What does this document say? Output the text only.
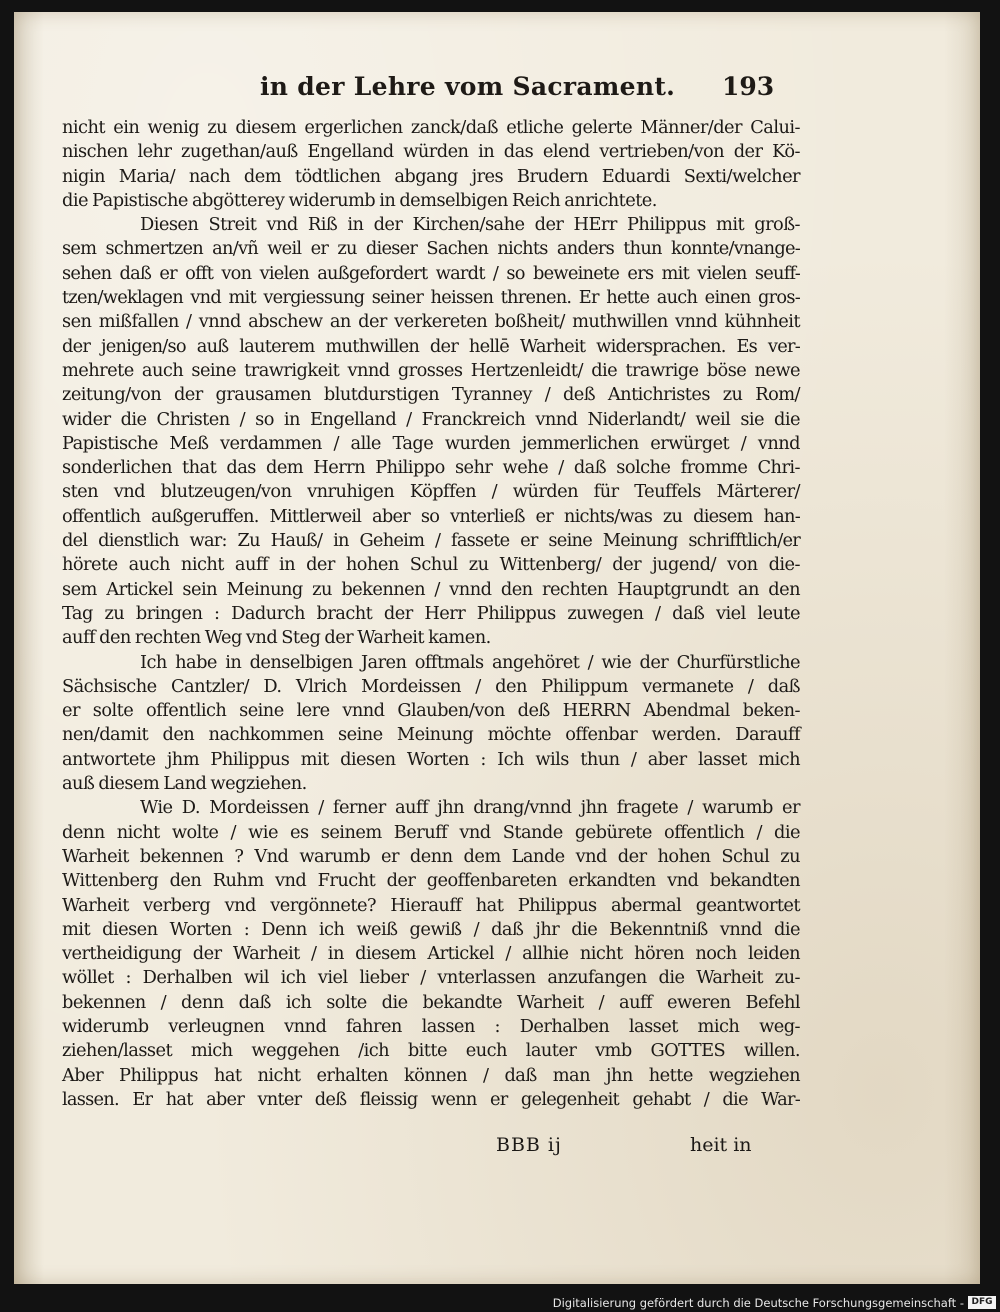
in der Lehre vom Sacrament. 193
nicht ein wenig zu diesem ergerlichen zanck/daß etliche gelerte Männer/der Calui-
nischen lehr zugethan/auß Engelland würden in das elend vertrieben/von der Kö-
nigin Maria/ nach dem tödtlichen abgang jres Brudern Eduardi Sexti/welcher
die Papistische abgötterey widerumb in demselbigen Reich anrichtete.
Diesen Streit vnd Riß in der Kirchen/sahe der HErr Philippus mit groß-
sem schmertzen an/vñ weil er zu dieser Sachen nichts anders thun konnte/vnange-
sehen daß er offt von vielen außgefordert wardt / so beweinete ers mit vielen seuff-
tzen/weklagen vnd mit vergiessung seiner heissen threnen. Er hette auch einen gros-
sen mißfallen / vnnd abschew an der verkereten boßheit/ muthwillen vnnd kühnheit
der jenigen/so auß lauterem muthwillen der hellē Warheit widersprachen. Es ver-
mehrete auch seine trawrigkeit vnnd grosses Hertzenleidt/ die trawrige böse newe
zeitung/von der grausamen blutdurstigen Tyranney / deß Antichristes zu Rom/
wider die Christen / so in Engelland / Franckreich vnnd Niderlandt/ weil sie die
Papistische Meß verdammen / alle Tage wurden jemmerlichen erwürget / vnnd
sonderlichen that das dem Herrn Philippo sehr wehe / daß solche fromme Chri-
sten vnd blutzeugen/von vnruhigen Köpffen / würden für Teuffels Märterer/
offentlich außgeruffen. Mittlerweil aber so vnterließ er nichts/was zu diesem han-
del dienstlich war: Zu Hauß/ in Geheim / fassete er seine Meinung schrifftlich/er
hörete auch nicht auff in der hohen Schul zu Wittenberg/ der jugend/ von die-
sem Artickel sein Meinung zu bekennen / vnnd den rechten Hauptgrundt an den
Tag zu bringen : Dadurch bracht der Herr Philippus zuwegen / daß viel leute
auff den rechten Weg vnd Steg der Warheit kamen.
Ich habe in denselbigen Jaren offtmals angehöret / wie der Churfürstliche
Sächsische Cantzler/ D. Vlrich Mordeissen / den Philippum vermanete / daß
er solte offentlich seine lere vnnd Glauben/von deß HERRN Abendmal beken-
nen/damit den nachkommen seine Meinung möchte offenbar werden. Darauff
antwortete jhm Philippus mit diesen Worten : Ich wils thun / aber lasset mich
auß diesem Land wegziehen.
Wie D. Mordeissen / ferner auff jhn drang/vnnd jhn fragete / warumb er
denn nicht wolte / wie es seinem Beruff vnd Stande gebürete offentlich / die
Warheit bekennen ? Vnd warumb er denn dem Lande vnd der hohen Schul zu
Wittenberg den Ruhm vnd Frucht der geoffenbareten erkandten vnd bekandten
Warheit verberg vnd vergönnete? Hierauff hat Philippus abermal geantwortet
mit diesen Worten : Denn ich weiß gewiß / daß jhr die Bekenntniß vnnd die
vertheidigung der Warheit / in diesem Artickel / allhie nicht hören noch leiden
wöllet : Derhalben wil ich viel lieber / vnterlassen anzufangen die Warheit zu-
bekennen / denn daß ich solte die bekandte Warheit / auff eweren Befehl
widerumb verleugnen vnnd fahren lassen : Derhalben lasset mich weg-
ziehen/lasset mich weggehen /ich bitte euch lauter vmb GOTTES willen.
Aber Philippus hat nicht erhalten können / daß man jhn hette wegziehen
lassen. Er hat aber vnter deß fleissig wenn er gelegenheit gehabt / die War-
BBB ij	heit in
Digitalisierung gefördert durch die Deutsche Forschungsgemeinschaft - DFG
